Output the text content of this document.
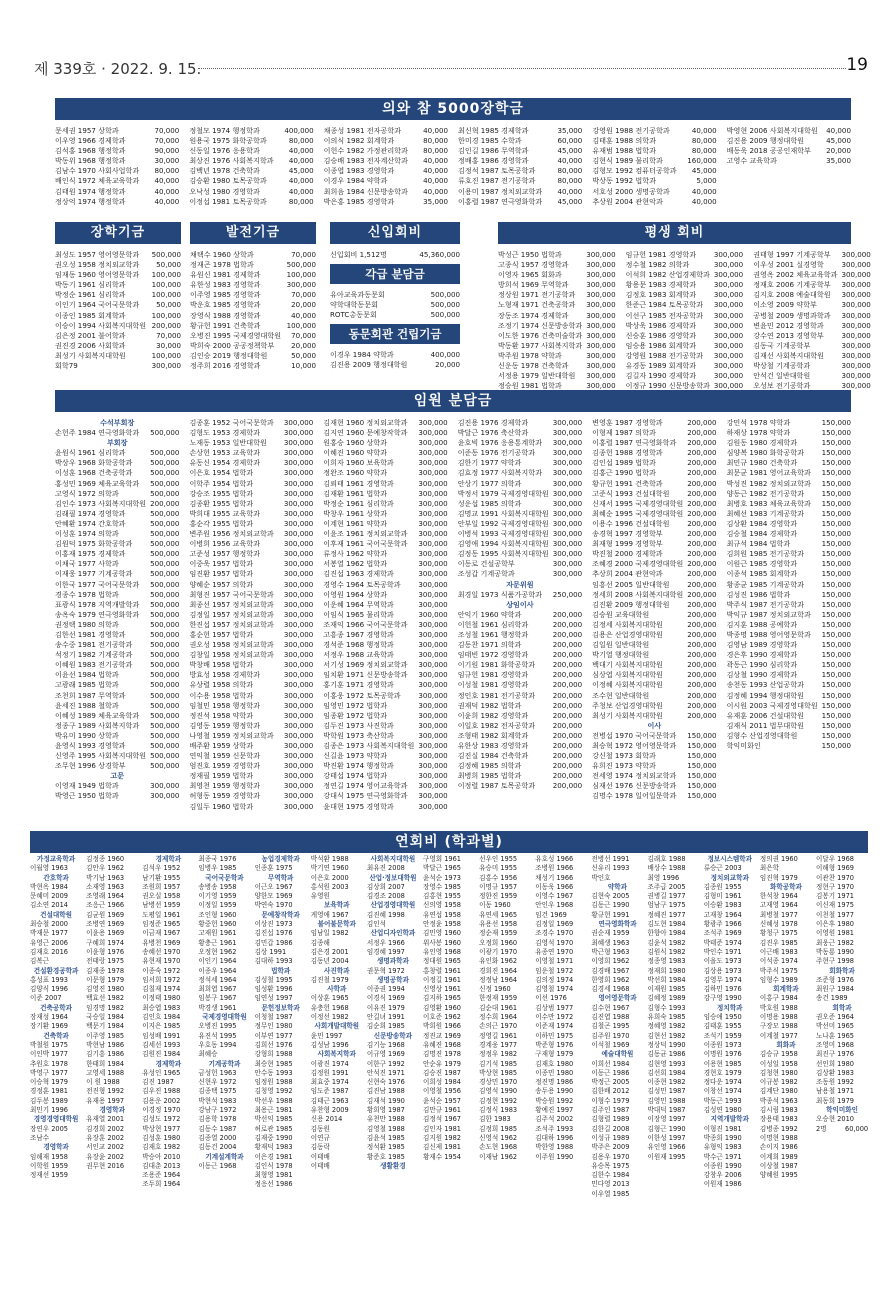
제 339호 · 2022. 9. 15.	19
의와 참 5000장학금
문세권 1957 상학과	70,000
이우영 1966 경제학과	70,000
김석홍 1968 행정학과	90,000
박동위 1968 행정학과	30,000
김남수 1970 사회사업학과	80,000
배인식 1972 체육교육학과	40,000
김태원 1974 행정학과	40,000
정상억 1974 행정학과	40,000
정철모 1974 행정학과	400,000
원용국 1975 화학공학과	80,000
신동일 1976 응용학과	40,000
최상진 1976 사회복지학과	40,000
김백년 1978 건축학과	45,000
김승환 1980 토목공학과	40,000
오낙성 1980 경영학과	40,000
이정섭 1981 토목공학과	80,000
채종성 1981 전자공학과	40,000
이의식 1982 회계학과	80,000
이헌수 1982 가정관리학과	80,000
김승배 1983 전자계산학과	40,000
이종엽 1983 경영학과	40,000
이경우 1984 약학과	40,000
최희음 1984 신문방송학과	40,000
박은홍 1985 경영학과	35,000
최신혁 1985 경제학과	35,000
한미경 1985 수학과	60,000
김인길 1986 무역학과	45,000
정배홍 1986 경영학과	40,000
김정석 1987 토목공학과	80,000
류호진 1987 전기공학과	80,000
이용미 1987 정치외교학과	40,000
이홍렬 1987 연극영화학과	45,000
강영원 1988 전기공학과	40,000
김태훈 1988 의학과	80,000
유재범 1988 법학과	80,000
김현식 1989 물리학과	160,000
김형모 1992 컴퓨터공학과	45,000
박상동 1992 법학과	5,000
서호성 2000 생명공학과	40,000
추상원 2004 관현악과	40,000
박영현 2006 사회복지대학원	40,000
김진용 2009 행정대학원	45,000
배동욱 2018 공공인재학부	20,000
고영수 교육학과	35,000
장학기금	발전기금	신입회비	평생 회비
최성도 1957 영어영문학과	500,000
권오성 1958 정치외교학과	50,000
임재동 1960 영어영문학과	100,000
박동기 1961 심리학과	100,000
박정순 1961 심리학과	100,000
이인기 1964 국어국문학과	50,000
이종인 1985 회계학과	100,000
이승이 1994 사회복지대학원 200,000
김은정 2001 불어학과	70,000
권진경 2006 사회학과	30,000
최성기 사회복지대학원	100,000
회학79	300,000
채택수 1960 상학과	70,000
정재곤 1978 법학과	500,000
유원신 1981 경제학과	100,000
유한성 1983 경영학과	300,000
이주영 1985 경영학과	70,000
박운호 1985 경영학과	20,000
장영식 1988 경영학과	40,000
황규헌 1991 건축학과	100,000
오병진 1995 국제경영대학원	70,000
박희숙 2000 공공정책학부	20,000
김인승 2019 행정대학원	50,000
정주희 2016 경영학과	10,000
신입회비 1,512명	45,360,000
각급 분담금
유아교육과동문회	500,000
약학대학동문회	500,000
ROTC총동문회	500,000
동문회관 건립기금
이경우 1984 약학과	400,000
김진용 2009 행정대학원	20,000
박성근 1950 법학과	300,000
고종식 1957 경영학과	300,000
이영자 1965 회화과	300,000
방희석 1969 무역학과	300,000
정상원 1971 전기공학과	300,000
노형재 1971 건축공학과	300,000
장동조 1974 경제학과	300,000
조정기 1974 신문방송학과 300,000
이도한 1976 건축미술학과 300,000
박동환 1977 사회복지학과 300,000
박주원 1978 약학과	300,000
신운동 1978 건축학과	300,000
서정용 1979 일반대학원	300,000
정승원 1981 법학과	300,000
임규헌 1981 경영학과	300,000
정수철 1982 의학과	300,000
이석희 1982 산업경제학과 300,000
황용문 1983 경제학과	300,000
김정호 1983 회계학과	300,000
한준근 1984 토목공학과	300,000
이선구 1985 전자공학과	300,000
박상욱 1986 경제학과	300,000
신승훈 1986 경영학과	300,000
임승용 1986 회계학과	300,000
강영원 1988 전기공학과	300,000
유경동 1989 회계학과	300,000
김길자 1990 경제학과	300,000
이정규 1990 신문방송학과 300,000
권태형 1997 기계공학부	300,000
이우성 2001 실경영학	300,000
권영옥 2002 체육교육학과 300,000
정재호 2006 기계공학부	300,000
김지호 2008 예술대학원	300,000
이소영 2009 약학부	300,000
공병철 2009 생명과학과	300,000
변윤민 2012 경영학과	300,000
강수연 2013 경영학부	300,000
김동국 기계공학부	300,000
김재선 사회복지대학원	300,000
박상철 기계공학과	300,000
안석건 일반대학원	300,000
오성보 전기공학과	300,000
임원 분담금
수석부회장
손헌주 1984 연극영화학과	500,000
부회장
윤원식 1961 심리학과	500,000
박상우 1968 화학공학과	500,000
이성훈 1968 건축공학과	500,000
홍성민 1969 체육교육학과	500,000
고영식 1972 의학과	500,000
김인수 1973 사회복지대학원 200,000
김래필 1974 경영학과	500,000
안혜환 1974 간호학과	500,000
이성훈 1974 의학과	500,000
김원덕 1975 화학공학과	500,000
이홍재 1975 경제학과	500,000
이채국 1977 사학과	500,000
이재웅 1977 기계공학과	500,000
이한국 1977 국어국문학과	500,000
경종수 1978 법학과	500,000
표광식 1978 지역개발학과	500,000
송옥숙 1979 연극영화학과	500,000
권정택 1980 의학과	500,000
김한선 1981 경영학과	500,000
송수중 1981 전기공학과	500,000
석정기 1982 기계공학과	500,000
이혜원 1983 전기공학과	500,000
이윤선 1984 법학과	500,000
고광래 1985 법학과	500,000
조천희 1987 무역학과	500,000
윤세진 1988 철학과	500,000
이혜성 1989 체육교육학과	500,000
정종구 1989 사회복지학과	500,000
박유미 1990 상학과	500,000
윤영식 1993 경영학과	500,000
신영주 1995 사회복지대학원 500,000
조무현 1996 상경학부	500,000
고문
이영재 1949 법학과	300,000
박영근 1950 법학과	300,000
김종훈 1952 국어국문학과	300,000
김형도 1953 경제학과	300,000
노재동 1953 일반대학원	300,000
손상헌 1953 교육학과	300,000
유동신 1954 경제학과	300,000
이은호 1954 법학과	300,000
이학주 1954 법학과	300,000
강승조 1955 법학과	300,000
김종환 1955 법학과	300,000
박희대 1955 교육학과	300,000
홍순각 1955 법학과	300,000
변주원 1956 정치외교학과	300,000
이병희 1956 교육학과	300,000
고준성 1957 행정학과	300,000
이중욱 1957 법학과	300,000
임진환 1957 법학과	300,000
양혜순 1957 의학과	300,000
최형진 1957 국어국문학과	300,000
최종선 1957 정치외교학과	300,000
김정일 1957 정치외교학과	300,000
한진섭 1957 정치외교학과	300,000
홍순헌 1957 법학과	300,000
권오성 1958 정치외교학과	300,000
김창일 1958 정치외교학과	300,000
박창배 1958 법학과	300,000
방효성 1958 경제학과	300,000
유상렬 1958 의학과	300,000
이수용 1958 법학과	300,000
임철민 1958 행정학과	300,000
정진석 1958 약학과	300,000
김영동 1959 행정학과	300,000
나영철 1959 정치외교학과	300,000
배주환 1959 상학과	300,000
연익철 1959 신문학과	300,000
엄진호 1959 경영학과	300,000
정재필 1959 법학과	300,000
최영천 1959 행정학과	300,000
허형동 1959 경영학과	300,000
김일두 1960 법학과	300,000
김재현 1960 정치외교학과	300,000
김지연 1960 문예창작학과	300,000
원홍승 1960 상학과	300,000
이혜진 1960 약학과	300,000
이희자 1960 보육학과	300,000
정완조 1960 약학과	300,000
김뢰태 1961 경영학과	300,000
김재환 1961 법학과	300,000
박정순 1961 심리학과	300,000
박창우 1961 상학과	300,000
이계현 1961 약학과	300,000
이윤조 1961 정치외교학과	300,000
이후재 1961 국어국문학과	300,000
류정사 1962 약학과	300,000
서봉열 1962 법학과	300,000
김진섭 1963 경제학과	300,000
경영수 1964 토목공학과	300,000
이영원 1964 상학과	300,000
이운혜 1964 무역학과	300,000
이임식 1965 물리학과	300,000
조재익 1966 국어국문학과	300,000
고흥종 1967 경영학과	300,000
경석준 1968 행정학과	300,000
서정우 1968 교육학과	300,000
서기성 1969 정치외교학과	300,000
임치환 1971 신문방송학과	300,000
홍기훈 1971 경영학과	300,000
이홍웅 1972 토목공학과	300,000
임영민 1972 법학과	300,000
임종환 1972 법학과	300,000
김두진 1973 사진학과	300,000
박학원 1973 축산학과	300,000
김종은 1973 사회복지대학원 300,000
신길윤 1973 약학과	300,000
박진환 1974 행정학과	300,000
강태섭 1974 법학과	300,000
정연길 1974 영어교육학과	300,000
강대식 1975 연극영화학과	300,000
윤대현 1975 경영학과	300,000
김진용 1976 경제학과	300,000
박달근 1976 축산학과	300,000
윤호빅 1976 응용통계학과	300,000
이준동 1976 전기공학과	300,000
김한기 1977 약학과	300,000
김효정 1977 사회복지학과	300,000
안상기 1977 의학과	300,000
박정서 1979 국제경영대학원 300,000
성운섭 1985 의학과	300,000
김명교 1991 사회복지대학원 300,000
안부일 1992 국제경영대학원 300,000
이병석 1993 국제경영대학원 300,000
김영애 1994 사회복지대학원 300,000
김정동 1995 사회복지대학원 300,000
이동로 건설공학부	300,000
조성갑 기계공학과	300,000
자문위원
최경일 1973 식품가공학과	250,000
상임이사
안익기 1960 약학과	200,000
이헌철 1961 심리학과	200,000
조성철 1961 행정학과	200,000
김동찬 1971 의학과	200,000
임태빈 1972 경영학과	200,000
이기원 1981 화학공학과	200,000
임규헌 1981 경영학과	200,000
이성철 1981 경영학과	200,000
정인호 1981 전기공학과	200,000
권재덕 1982 법학과	200,000
이윤희 1982 경영학과	200,000
이일호 1982 전자공학과	200,000
조형태 1982 회계학과	200,000
유한상 1983 경영학과	200,000
김진실 1984 건축학과	200,000
김정혜 1985 의학과	200,000
최병희 1985 법학과	200,000
이정렬 1987 토목공학과	200,000
변영훈 1987 경영학과	200,000
이형제 1987 의학과	200,000
이홍렬 1987 연극영화학과	200,000
김종헌 1988 경영학과	200,000
김인섭 1989 법학과	200,000
김홍근 1990 법학과	200,000
황규헌 1991 건축학과	200,000
고준식 1993 건설대학원	200,000
신재서 1995 국제경영대학원 200,000
최혜순 1995 국제경영대학원 200,000
이용수 1996 건설대학원	200,000
송경혁 1997 경영학부	200,000
최재형 1999 경영학부	200,000
박진철 2000 경제학과	200,000
조혜경 2000 국제경영대학원 200,000
추상희 2004 관현악과	200,000
임흥선 2005 일반대학원	200,000
정세희 2008 사회복지대학원 200,000
김진환 2009 행정대학원	200,000
김승원 교육대학원	200,000
김정세 사회복지대학원	200,000
김용은 산업경영대학원	200,000
김일원 일반대학원	200,000
박기열 행정대학원	200,000
백대기 사회복지대학원	200,000
심상엽 사회복지대학원	200,000
이정혜 사회복지대학원	200,000
조수현 일반대학원	200,000
주청보 산업경영대학원	200,000
최성기 사회복지대학원	200,000
이사
전병섭 1970 국어국문학과	150,000
최승혁 1972 영어영문학과	150,000
강신철 1973 회학과	150,000
유희진 1973 약학과	150,000
전세영 1974 정치외교학과	150,000
심재선 1976 신문방송학과	150,000
김명수 1978 일어일문학과	150,000
강민석 1978 약학과	150,000
하재상 1978 약학과	150,000
김원동 1980 경제학과	150,000
심양복 1980 화학공학과	150,000
최민규 1980 건축학과	150,000
최문균 1981 영어교육학과	150,000
박성진 1982 정치외교학과	150,000
양동근 1982 전기공학과	150,000
최병호 1983 체육교육학과	150,000
최혜선 1983 기계공학과	150,000
김상환 1984 경영학과	150,000
김승철 1984 경제학과	150,000
최규석 1984 법학과	150,000
김희원 1985 전기공학과	150,000
이원근 1985 경영학과	150,000
이종석 1985 회계학과	150,000
황종균 1985 기계공학과	150,000
김성진 1986 법학과	150,000
박주식 1987 전기공학과	150,000
박익규 1987 정치외교학과	150,000
김지훈 1988 공예학과	150,000
박종명 1988 영어영문학과	150,000
김영남 1989 경영학과	150,000
경은후 1990 경제학과	150,000
곽동근 1990 심리학과	150,000
김상철 1990 경제학과	150,000
송천동 1993 산업공학과	150,000
김정혜 1994 행정대학원	150,000
이시원 2003 국제경영대학원 150,000
유재훈 2006 건설대학원	150,000
김재식 2011 법무대학원	150,000
김형수 산업경영대학원	150,000
학익미화인	150,000
연회비 (학과별)
가정교육학과
이월영 1963
간호학과
박현옥 1984
문혜미 2009
김소연 2014
건설대학원
최승철 2000
박재문 1977
유영근 2006
김재호 2016
김복근
건설환경공학과
홍성표 1993
김양식 1996
이준 2007
건축공학과
장재성 1964
장기환 1969
건축학과
박철원 1975
이인박 1977
추원호 1978
박영구 1977
이승혁 1979
경정훈 1981
김두봉 1989
최민기 1996
경영경영대학원
장연우 2005
조남수
경영학과
임해재 1958
이학원 1959
정재선 1959
김정종 1960
김안우 1962
박기남 1963
소재영 1963
조영래 1964
조응근 1966
김균원 1969
조병연 1969
이윤용 1969
구혜희 1974
이윤형 1976
전태랑 1975
김재종 1978
이문형 1979
김영진 1980
백효선 1982
임경명 1982
국승일 1984
백문기 1984
이주영 1985
박현남 1986
김기흥 1986
한태희 1984
고영세 1988
이 원 1988
전진형 1992
유재용 1997
경영학과
유재열 2001
김경희 2002
유장훈 2002
서인교 2002
유장윤 2002
권무현 2016
경제학과
김석우 1952
남기환 1955
조원희 1957
권오실 1958
남병선 1959
도평일 1961
임정준 1965
이금재 1967
유병천 1969
송혜선 1970
유현재 1970
이종숙 1972
임서희 1972
김칠재 1974
이정태 1980
최승엽 1983
김인흐 1984
이지은 1985
임성배 1991
김세선 1993
김원진 1984
경제학과
유성인 1965
김진 1987
김우진 1988
김용운 2002
이경정 1970
김성도 1972
박상현 1977
김성훈 1980
김재호 1982
박승아 2010
김대춘 2013
조용준 1964
조두희 1964
최종국 1976
임병우 1985
국어국문학과
송병송 1958
이기영 1959
이정일 1959
조인형 1960
황중헌 1960
고재원 1961
황충근 1961
오정현 1962
이인기 1964
이종우 1964
정석세 1964
최희엽 1967
임봉구 1967
박경생 1961
국제경영대학원
오병진 1995
유진석 1995
우호동 1994
최혜승
기계공학과
금성헌 1963
신현우 1972
김종택 1975
박현석 1983
강남구 1972
김용학 1978
김동수 1987
김종열 2000
김동건 2004
기계설계학과
이동근 1968
농업경제학과
인종훈 1975
무역학과
이근오 1967
양한모 1969
박연숙 1970
문예창작학과
이상진 1973
김진섭 1976
김민갑 1986
김상 1991
김대하 1993
법학과
김성철 1995
임성환 1996
임연성 1997
문헌정보학과
이청철 1987
정무인 1980
이부연 1977
김희선 1976
강형희 1988
최승현 1985
안수동 1993
임정원 1988
김청영 1992
박선우 1988
최용근 1981
박선익 1985
허로관 1985
김재중 1990
황재덕 1983
이은경 1981
김인식 1978
최형영 1981
정응선 1986
박석환 1988
박기연 1960
이은호 2000
홍석원 2003
유영원
보육학과
게영애 1967
불어불문학과
임남일 1982
김종해
김은경 2001
김동년 2004
사진학과
김진철 1979
사학과
이상훈 1965
유충헌 1968
이정선 1982
사회개발대학원
윤민 1997
김성남 1996
사회복지학과
이광진 1974
김정원 1991
최효중 1974
임도준 1987
김태근 1963
유찬형 2009
신용 2014
김동원
이연규
김동락
이태배
이태배
사회복지대학원
최유진 2008
산업·정보대학원
김상희 2007
김경조 2008
산업경영대학원
김진혜 1998
김인석
산업디자인학과
서정우 1966
임경혜 1997
생명과학과
권문혁 1972
생명공학과
이종권 1994
이경식 1969
이유진 1979
안길녀 1991
김순희 1985
신문방송학과
김기능 1968
이규영 1969
이한구 1992
안석진 1971
신현숙 1976
김진남 1988
김재석 1990
황희영 1987
유천만 1988
김영철 1988
김윤석 1985
정석환 1985
황준호 1985
생활환경
구영회 1961
박달근 1965
윤석순 1973
장영수 1985
김홍현 1955
신의영 1958
유연섭 1958
안정윤 1958
김민영 1960
위사봉 1960
유인영 1968
정대원 1965
홍창렬 1961
이정길 1961
신영상 1961
김지하 1965
김영환 1960
이호준 1962
박희원 1966
정진교 1969
유혜진 1968
김명진 1978
안순유 1979
김승진 1987
이희성 1984
이영철 1956
윤석순 1957
김만규 1961
김정석 1967
김인자 1981
김지원 1982
김신제 1981
황재수 1954
선우인 1955
유승미 1955
김홍수 1956
이명규 1957
정한진 1959
이동 1960
유연세 1965
유용선 1958
정순재 1959
오정희 1960
이광기 1970
유인화 1962
경희진 1964
정정남 1964
신정 1960
한정재 1959
김순대 1961
정수희 1964
손의근 1970
정영길 1961
경계웅 1977
정정우 1982
김기석 1985
박상현 1985
경상민 1970
김영석 1990
김정현 1992
김정식 1983
김한 1983
김정희 1985
신영석 1962
손도현 1968
이재남 1962
유호성 1966
조병원 1966
채성기 1966
이동욱 1966
이영수 1967
안인우 1968
임건 1969
김정일 1969
조경수 1970
김영석 1970
유종연 1970
이영철 1971
임운철 1972
김의정 1974
김영철 1974
이선 1976
김상범 1977
이수만 1972
이준재 1974
이하민 1975
박준형 1976
구재형 1979
김재호 1980
이종민 1980
정진명 1986
송두용 1990
박승원 1992
황예진 1997
김주석 2002
조석주 1993
김대하 1996
박한영 1988
이주원 1990
전병선 1991
신유리 1993
박인호
약학과
김현숙 2005
김동근 1990
황규헌 1991
연극영화학과
권순재 1959
최혜생 1963
박근형 1963
이영희 1962
김경배 1967
한영희 1962
김경세 1968
영어영문학과
김수현 1967
김진엽 1988
김철곤 1995
김주원 1970
이석철 1969
예술대학원
이희선 1984
이동근 1986
박정근 2005
김한배 2012
이형수 1979
김주인 1987
김형렬 1989
김한길 2008
이성규 1989
박주은 2009
김용우 1970
유승목 1975
김한수 1984
민다영 2013
이우열 1985
김래호 1988
배상수 1988
최영 1996
조주급 2005
권병길 1977
엄남구 1975
정혜진 1977
김도현 1984
한향아 1984
김윤석 1982
김원식 1982
정종영 1983
정재희 1980
박선희 1984
이재원 1985
김혜정 1989
김형수 1993
유희숙 1985
정혜영 1982
김현선 1982
정상덕 1990
김동균 1986
김현영 1993
김선희 1984
이종현 1982
김성민 1987
김영민 1988
박대덕 1987
이장영 1997
김형근 1990
이한성 1997
유인영 1966
이원재 1995
정보시스템학과
류승근 2003
정치외교학과
김종원 1955
김형미 1961
이승환 1983
고재창 1964
황광주 1966
조석주 1969
박태준 1974
박인수 1971
이을도 1973
김상용 1973
김영무 1974
김하민 1976
강구영 1990
정치학과
임승애 1950
김태훈 1955
조석기 1959
이종원 1973
이명원 1976
이용현 1985
경현호 1979
정다운 1974
이창선 1974
박동근 1993
김성연 1980
지역개발학과
이형진 1981
박종희 1990
유형익 1983
박수근 1971
이종원 1990
강창우 2006
이원재 1986
정의권 1960
최은학
임진혁 1979
화학공학과
한석창 1964
고재영 1964
최병철 1977
신혜성 1978
황청구 1975
김진우 1985
이근배 1983
이석종 1974
박주식 1975
임형수 1989
회계학과
이홍구 1984
박호원 1988
이명용 1988
구장모 1988
이계철 1977
회화과
김승규 1958
이성일 1958
김청현 1980
이규봉 1982
김계단 1980
박종석 1963
김시림 1983
장용태 1983
김병종 1992
이명현 1988
손이지 1986
이계희 1989
이상철 1987
양혜원 1995
이달우 1968
이해형 1969
이관찬 1970
정현구 1970
김봉기 1971
이신재 1975
이천철 1977
이은후 1980
이영원 1981
최웅근 1982
박동룡 1990
주현구 1998
회화학과
조준형 1976
최원구 1984
송건 1989
회학과
권오준 1964
박선미 1965
노나훈 1965
조영미 1968
최진구 1976
선인희 1980
김상환 1983
조동원 1992
남용철 1971
최동희 1979
학익미화인
오승현 2010
2명	60,000
